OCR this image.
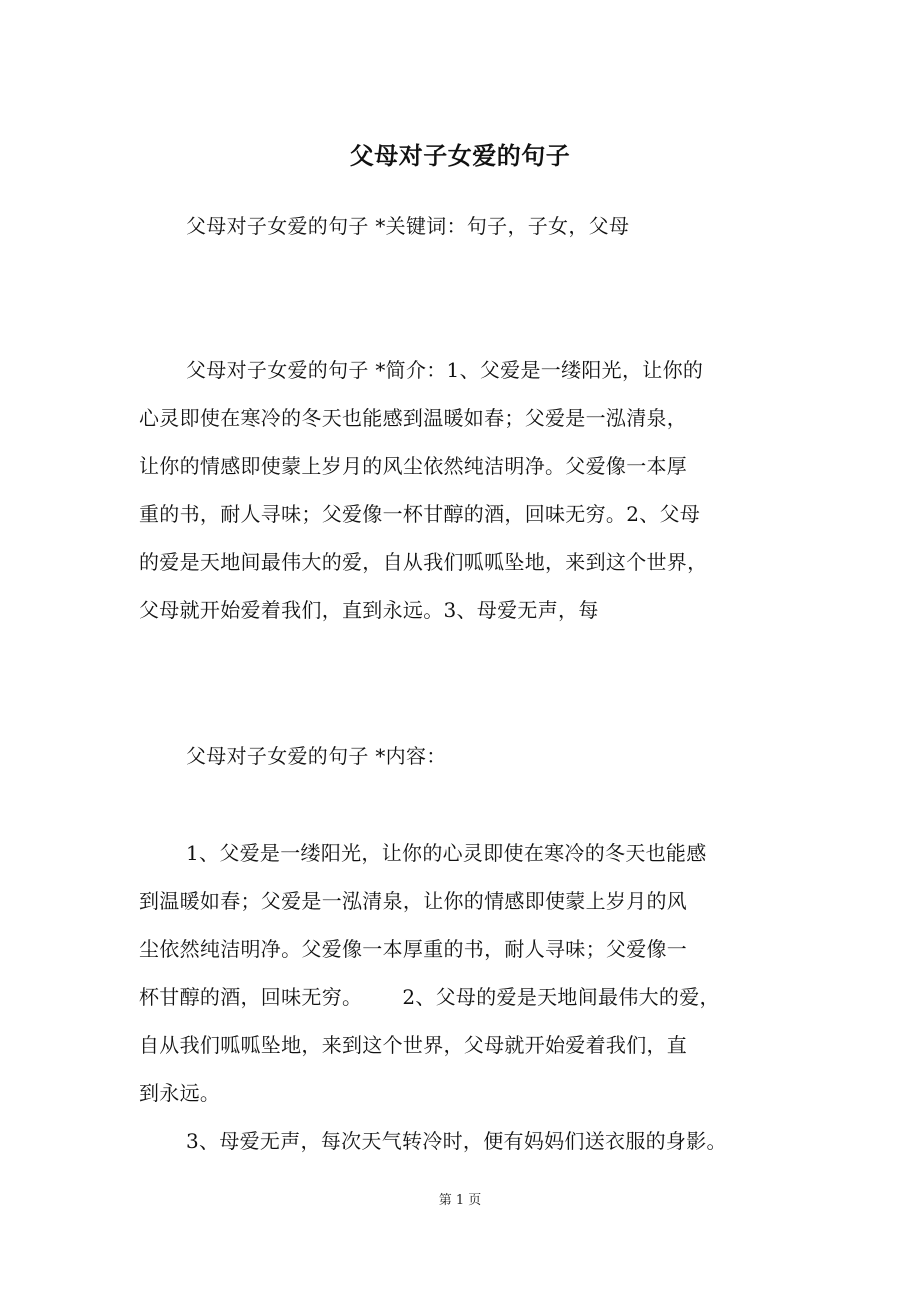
父母对子女爱的句子
父母对子女爱的句子 *关键词：句子，子女，父母
父母对子女爱的句子 *简介：1、父爱是一缕阳光，让你的
心灵即使在寒冷的冬天也能感到温暖如春；父爱是一泓清泉，
让你的情感即使蒙上岁月的风尘依然纯洁明净。父爱像一本厚
重的书，耐人寻味；父爱像一杯甘醇的酒，回味无穷。2、父母
的爱是天地间最伟大的爱，自从我们呱呱坠地，来到这个世界，
父母就开始爱着我们，直到永远。3、母爱无声，每
父母对子女爱的句子 *内容：
1、父爱是一缕阳光，让你的心灵即使在寒冷的冬天也能感
到温暖如春；父爱是一泓清泉，让你的情感即使蒙上岁月的风
尘依然纯洁明净。父爱像一本厚重的书，耐人寻味；父爱像一
杯甘醇的酒，回味无穷。 2、父母的爱是天地间最伟大的爱，
自从我们呱呱坠地，来到这个世界，父母就开始爱着我们，直
到永远。
3、母爱无声，每次天气转冷时，便有妈妈们送衣服的身影。
第 1 页
